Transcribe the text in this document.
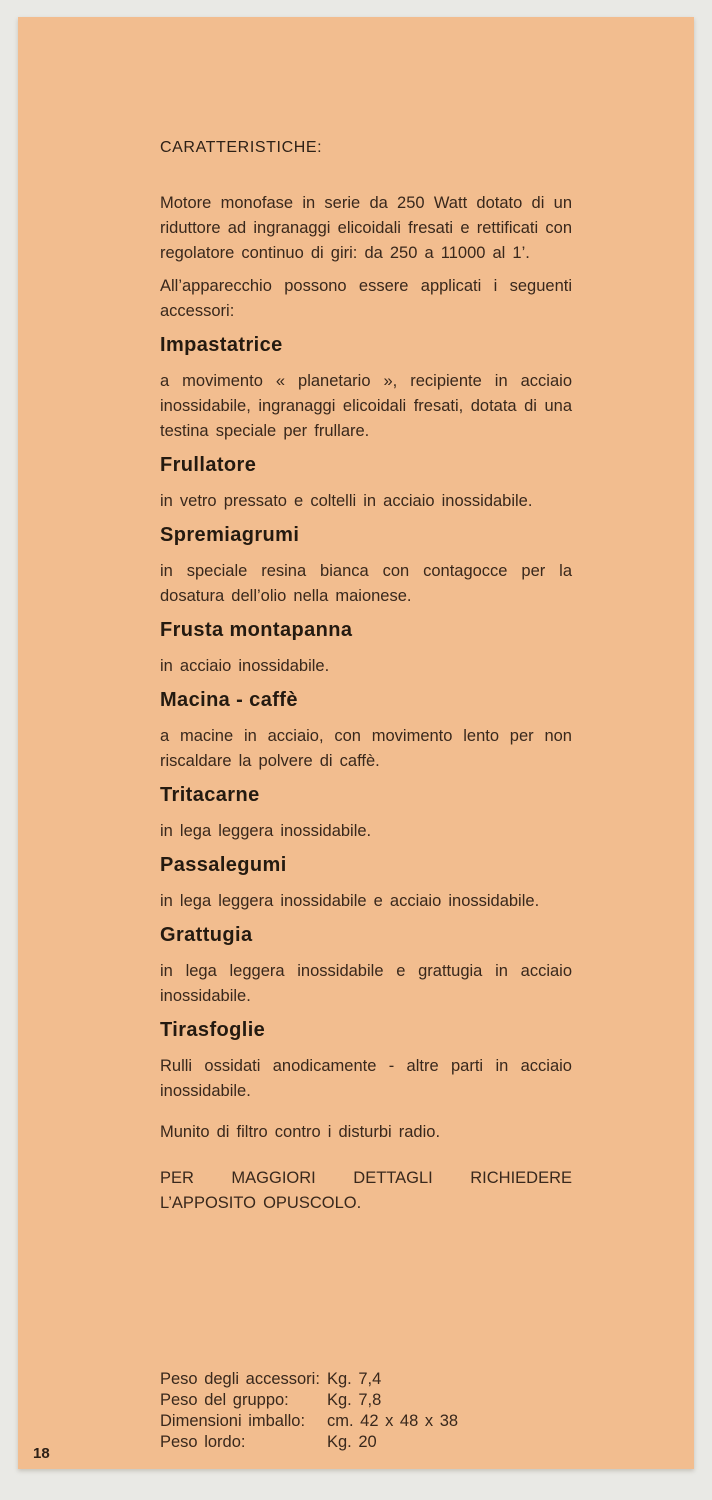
CARATTERISTICHE:

Motore monofase in serie da 250 Watt dotato di un riduttore ad ingranaggi elicoidali fresati e rettificati con regolatore continuo di giri: da 250 a 11000 al 1’.

All’apparecchio possono essere applicati i seguenti accessori:

Impastatrice

a movimento « planetario », recipiente in acciaio inossidabile, ingranaggi elicoidali fresati, dotata di una testina speciale per frullare.

Frullatore

in vetro pressato e coltelli in acciaio inossidabile.

Spremiagrumi

in speciale resina bianca con contagocce per la dosatura dell’olio nella maionese.

Frusta montapanna

in acciaio inossidabile.

Macina - caffè

a macine in acciaio, con movimento lento per non riscaldare la polvere di caffè.

Tritacarne

in lega leggera inossidabile.

Passalegumi

in lega leggera inossidabile e acciaio inossidabile.

Grattugia

in lega leggera inossidabile e grattugia in acciaio inossidabile.

Tirasfoglie

Rulli ossidati anodicamente - altre parti in acciaio inossidabile.

Munito di filtro contro i disturbi radio.

PER MAGGIORI DETTAGLI RICHIEDERE L’APPOSITO OPUSCOLO.

Peso degli accessori: Kg. 7,4
Peso del gruppo:	Kg. 7,8
Dimensioni imballo:	cm. 42 x 48 x 38
Peso lordo:	Kg. 20
18
